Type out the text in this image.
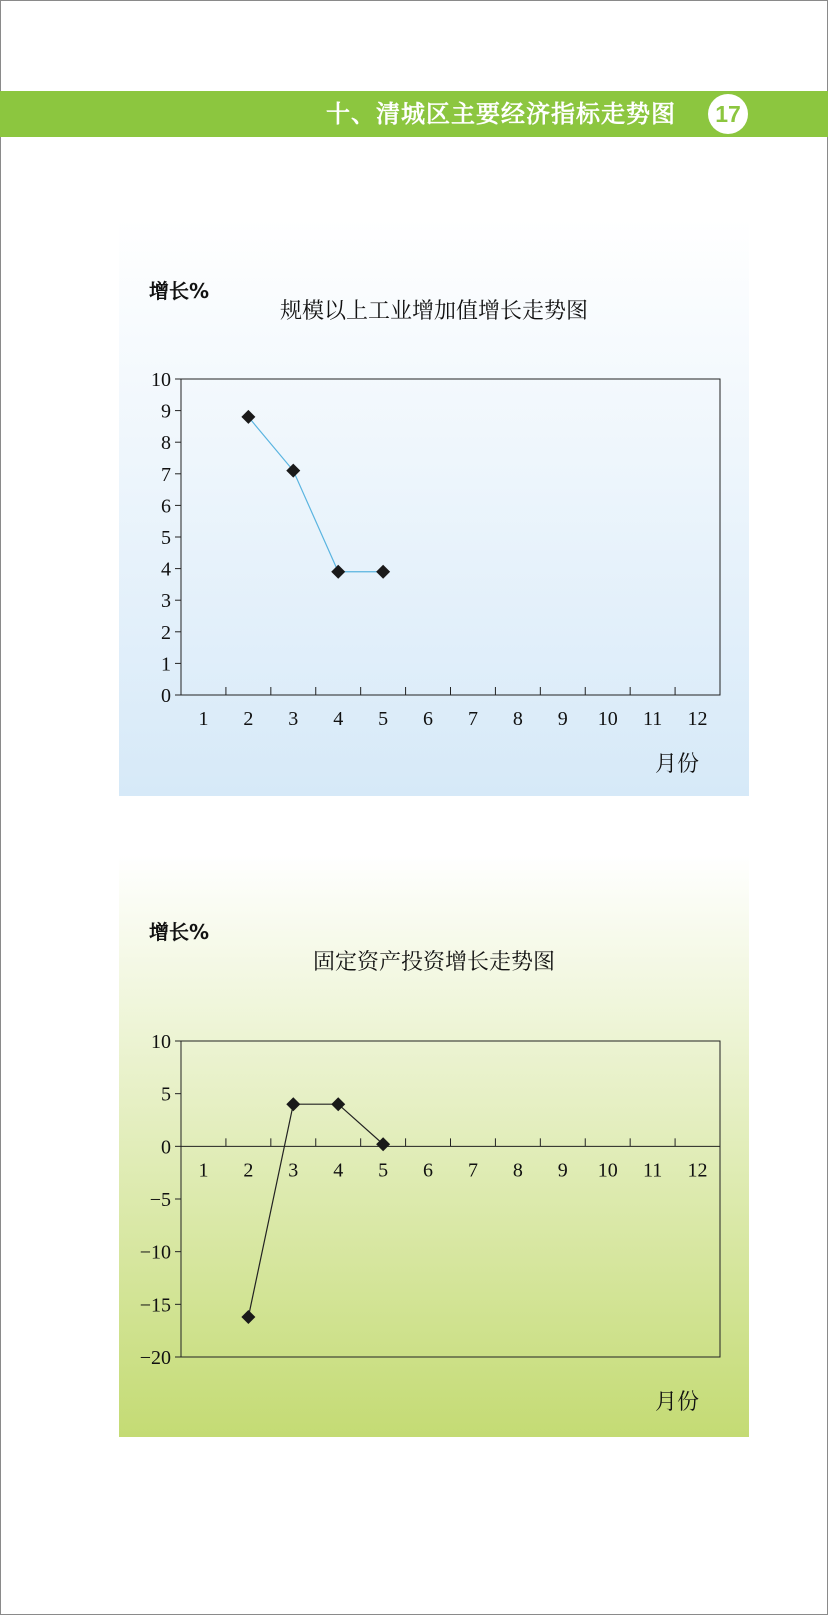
十、清城区主要经济指标走势图	17
增长%
规模以上工业增加值增长走势图
月份
0
1
2
3
4
5
6
7
8
9
10
1 2 3 4 5 6 7 8 9 10 11 12
增长%
固定资产投资增长走势图
月份
10
5
0
−5
−10
−15
−20
1 2 3 4 5 6 7 8 9 10 11 12
